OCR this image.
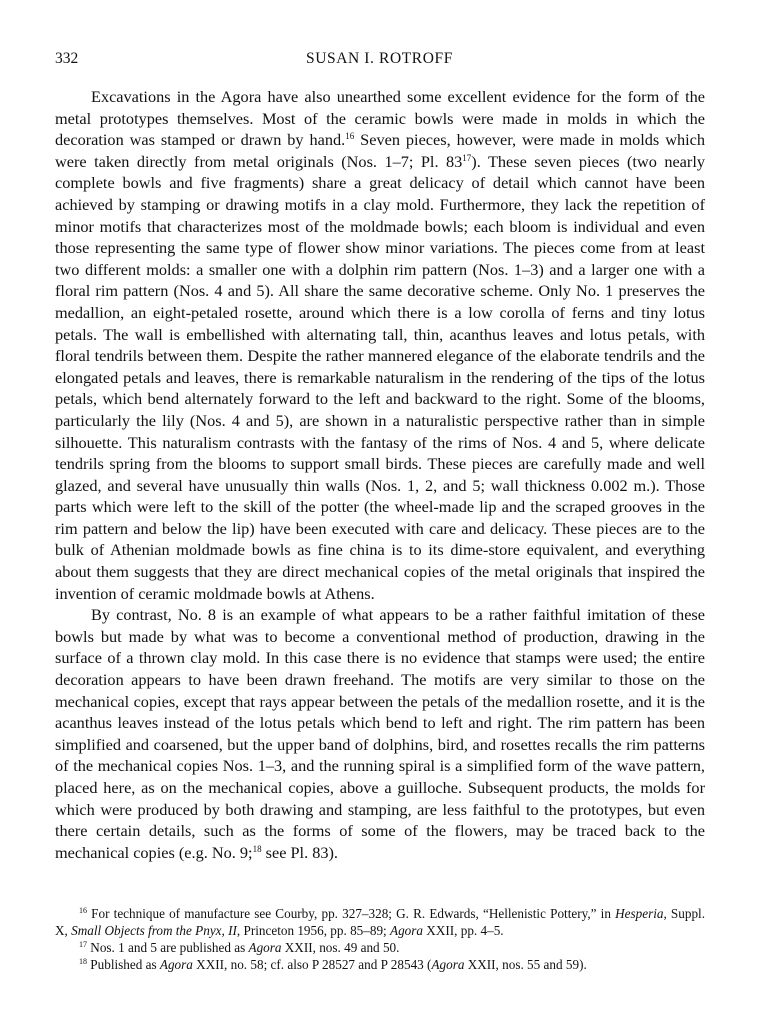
332	SUSAN I. ROTROFF

Excavations in the Agora have also unearthed some excellent evidence for the form of the metal prototypes themselves. Most of the ceramic bowls were made in molds in which the decoration was stamped or drawn by hand.$^{16}$ Seven pieces, however, were made in molds which were taken directly from metal originals (Nos. 1–7; Pl. $83^{17}$). These seven pieces (two nearly complete bowls and five fragments) share a great delicacy of detail which cannot have been achieved by stamping or drawing motifs in a clay mold. Furthermore, they lack the repetition of minor motifs that characterizes most of the moldmade bowls; each bloom is individual and even those representing the same type of flower show minor variations. The pieces come from at least two different molds: a smaller one with a dolphin rim pattern (Nos. 1–3) and a larger one with a floral rim pattern (Nos. 4 and 5). All share the same decorative scheme. Only No. 1 preserves the medallion, an eight-petaled rosette, around which there is a low corolla of ferns and tiny lotus petals. The wall is embellished with alternating tall, thin, acanthus leaves and lotus petals, with floral tendrils between them. Despite the rather mannered elegance of the elaborate tendrils and the elongated petals and leaves, there is remarkable naturalism in the rendering of the tips of the lotus petals, which bend alternately forward to the left and backward to the right. Some of the blooms, particularly the lily (Nos. 4 and 5), are shown in a naturalistic perspective rather than in simple silhouette. This naturalism contrasts with the fantasy of the rims of Nos. 4 and 5, where delicate tendrils spring from the blooms to support small birds. These pieces are carefully made and well glazed, and several have unusually thin walls (Nos. 1, 2, and 5; wall thickness 0.002 m.). Those parts which were left to the skill of the potter (the wheel-made lip and the scraped grooves in the rim pattern and below the lip) have been executed with care and delicacy. These pieces are to the bulk of Athenian moldmade bowls as fine china is to its dime-store equivalent, and everything about them suggests that they are direct mechanical copies of the metal originals that inspired the invention of ceramic moldmade bowls at Athens.

By contrast, No. 8 is an example of what appears to be a rather faithful imitation of these bowls but made by what was to become a conventional method of production, drawing in the surface of a thrown clay mold. In this case there is no evidence that stamps were used; the entire decoration appears to have been drawn freehand. The motifs are very similar to those on the mechanical copies, except that rays appear between the petals of the medallion rosette, and it is the acanthus leaves instead of the lotus petals which bend to left and right. The rim pattern has been simplified and coarsened, but the upper band of dolphins, bird, and rosettes recalls the rim patterns of the mechanical copies Nos. 1–3, and the running spiral is a simplified form of the wave pattern, placed here, as on the mechanical copies, above a guilloche. Subsequent products, the molds for which were produced by both drawing and stamping, are less faithful to the prototypes, but even there certain details, such as the forms of some of the flowers, may be traced back to the mechanical copies (e.g. No. 9;$^{18}$ see Pl. 83).

$^{16}$ For technique of manufacture see Courby, pp. 327–328; G. R. Edwards, “Hellenistic Pottery,” in Hesperia, Suppl. X, Small Objects from the Pnyx, II, Princeton 1956, pp. 85–89; Agora XXII, pp. 4–5.

$^{17}$ Nos. 1 and 5 are published as Agora XXII, nos. 49 and 50.

$^{18}$ Published as Agora XXII, no. 58; cf. also P 28527 and P 28543 (Agora XXII, nos. 55 and 59).
